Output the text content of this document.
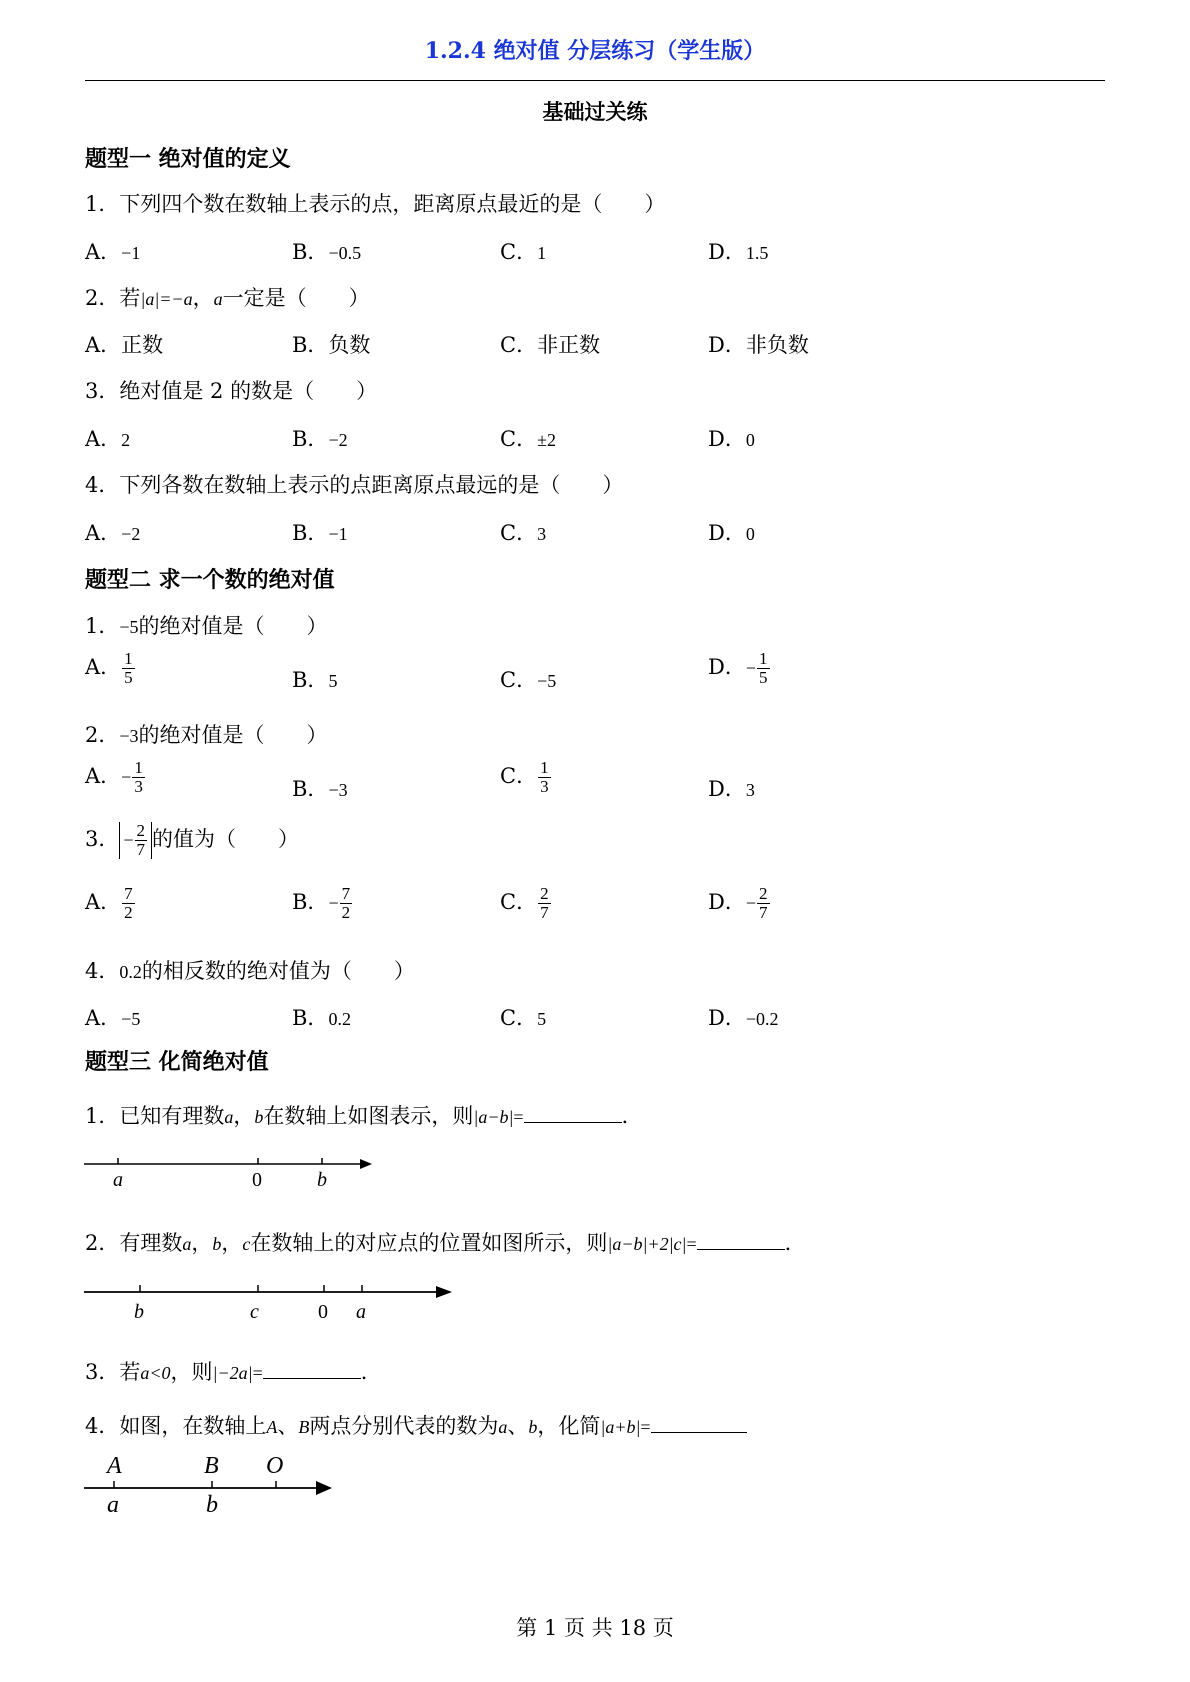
1.2.4 绝对值 分层练习（学生版）
基础过关练
题型一 绝对值的定义
1．下列四个数在数轴上表示的点，距离原点最近的是（　　）
A．−1	B．−0.5	C．1	D．1.5
2．若|a|=−a，a一定是（　　）
A．正数	B．负数	C．非正数	D．非负数
3．绝对值是 2 的数是（　　）
A．2	B．−2	C．±2	D．0
4．下列各数在数轴上表示的点距离原点最远的是（　　）
A．−2	B．−1	C．3	D．0
题型二 求一个数的绝对值
1．−5的绝对值是（　　）
A． $\frac{1}{5}$	B．5	C．−5
D．− $\frac{1}{5}$
2．−3的绝对值是（　　）
A．− $\frac{1}{3}$	B．−3
C． $\frac{1}{3}$	D．3
3． − $\frac{2}{7}$ 的值为（　　）
A． $\frac{7}{2}$	B．− $\frac{7}{2}$	C． $\frac{2}{7}$	D．− $\frac{2}{7}$
4．0.2的相反数的绝对值为（　　）
A．−5	B．0.2	C．5	D．−0.2
题型三 化简绝对值
1．已知有理数a，b在数轴上如图表示，则|a−b|=	．
a	0	b
2．有理数a，b，c在数轴上的对应点的位置如图所示，则|a−b|+2|c|=	．
b	c	0 a
3．若a<0，则|−2a|=	．
4．如图，在数轴上A、B两点分别代表的数为a、b，化简|a+b|=
A	B O
a	b
第 1 页 共 18 页
